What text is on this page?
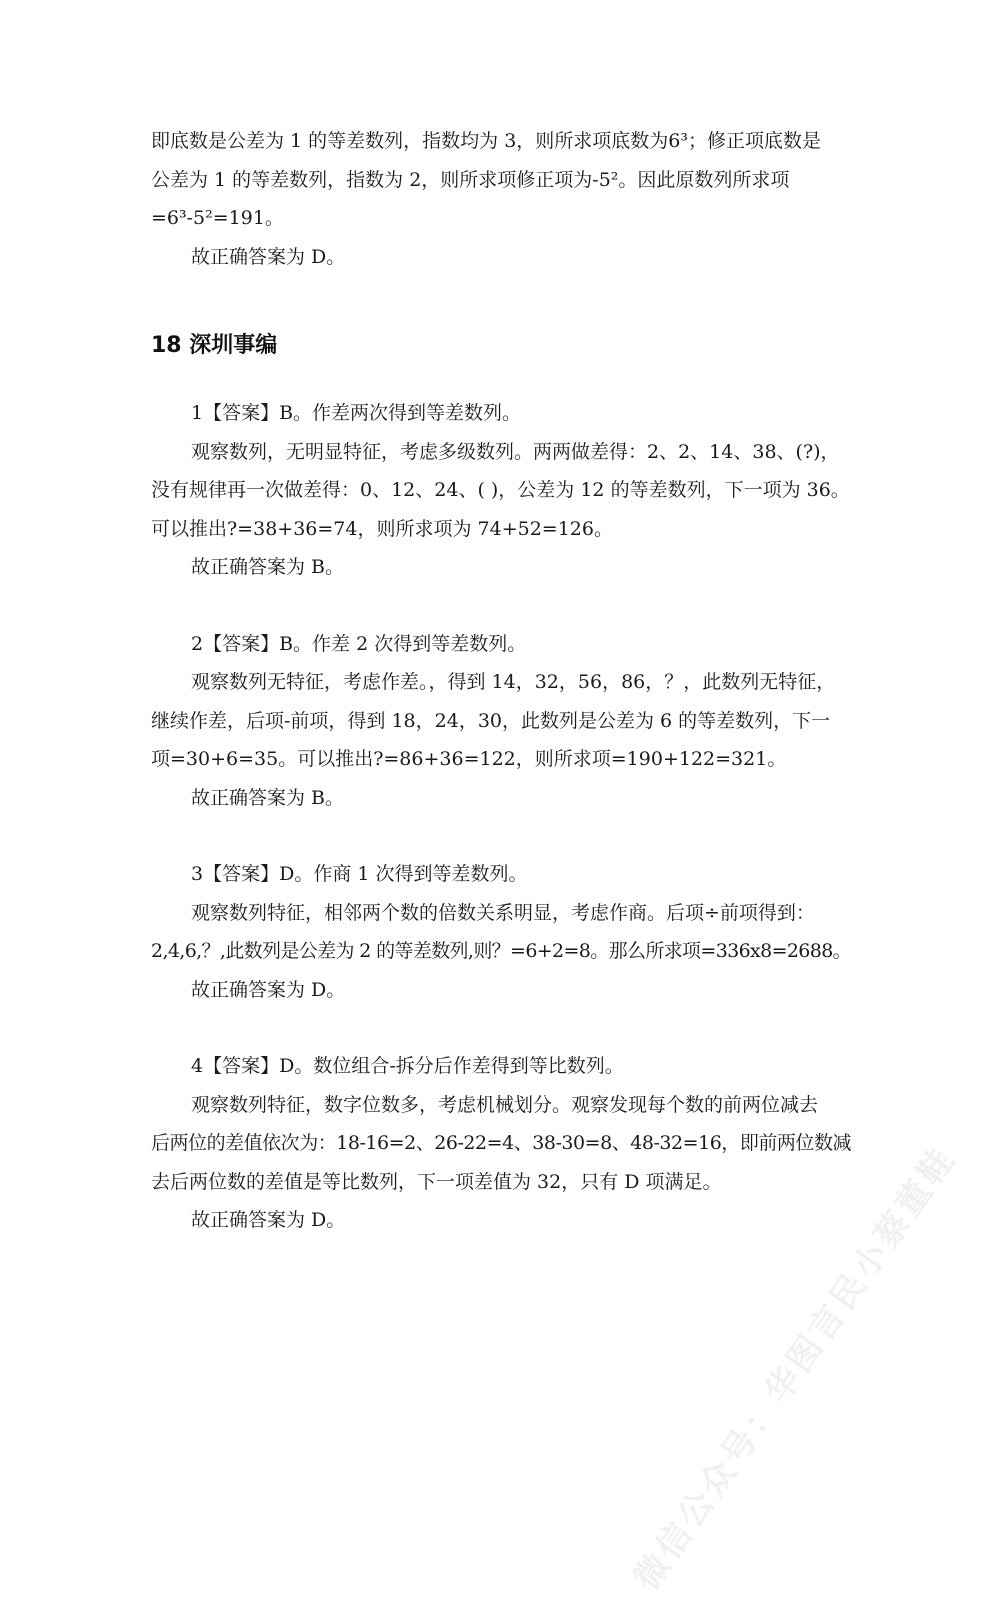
微信公众号：华图言民小蔡董鞋

即底数是公差为 1 的等差数列，指数均为 3，则所求项底数为6³；修正项底数是

公差为 1 的等差数列，指数为 2，则所求项修正项为-5²。因此原数列所求项

=6³-5²=191。

故正确答案为 D。

18 深圳事编

1【答案】B。作差两次得到等差数列。

观察数列，无明显特征，考虑多级数列。两两做差得：2、2、14、38、(?)，

没有规律再一次做差得：0、12、24、( )，公差为 12 的等差数列，下一项为 36。

可以推出?=38+36=74，则所求项为 74+52=126。

故正确答案为 B。

2【答案】B。作差 2 次得到等差数列。

观察数列无特征，考虑作差。，得到 14，32，56，86，？，此数列无特征，

继续作差，后项-前项，得到 18，24，30，此数列是公差为 6 的等差数列，下一

项=30+6=35。可以推出?=86+36=122，则所求项=190+122=321。

故正确答案为 B。

3【答案】D。作商 1 次得到等差数列。

观察数列特征，相邻两个数的倍数关系明显，考虑作商。后项÷前项得到：

2,4,6,？,此数列是公差为 2 的等差数列,则？=6+2=8。那么所求项=336x8=2688。

故正确答案为 D。

4【答案】D。数位组合-拆分后作差得到等比数列。

观察数列特征，数字位数多，考虑机械划分。观察发现每个数的前两位减去

后两位的差值依次为：18-16=2、26-22=4、38-30=8、48-32=16，即前两位数减

去后两位数的差值是等比数列，下一项差值为 32，只有 D 项满足。

故正确答案为 D。
